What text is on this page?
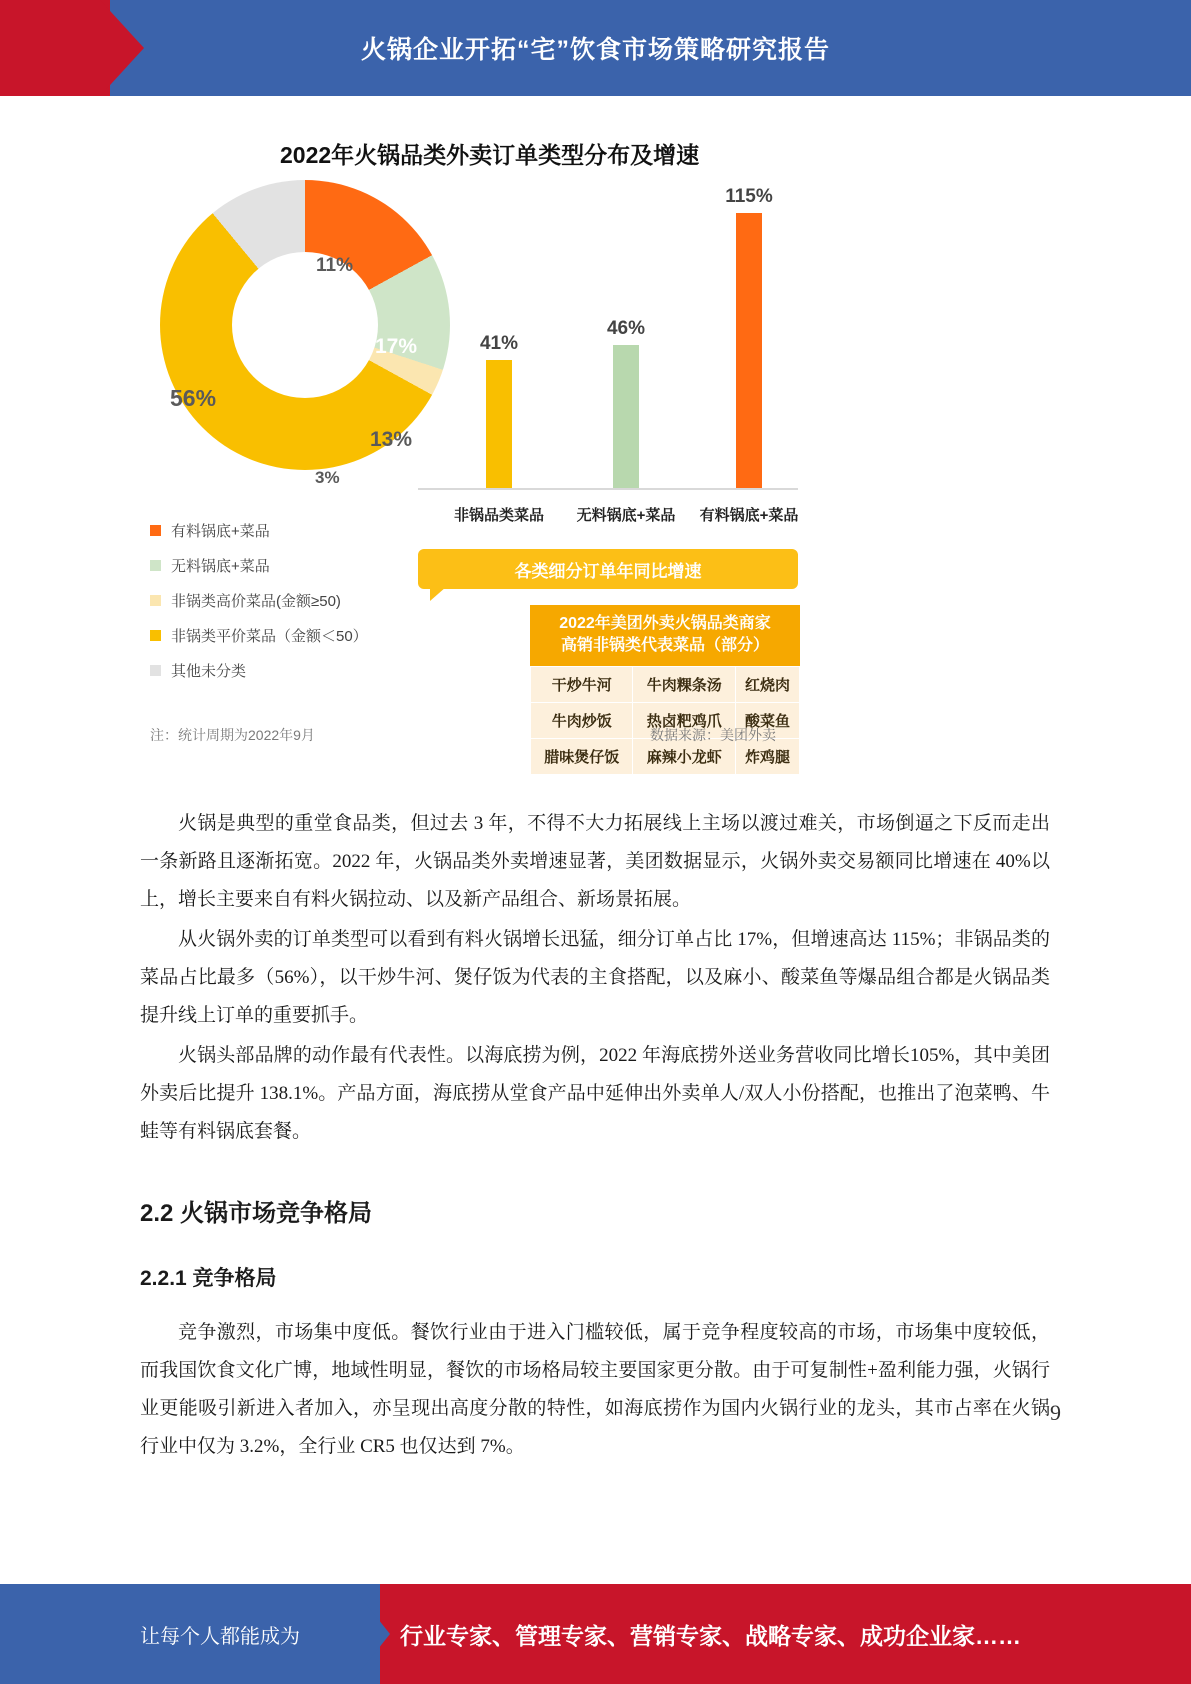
火锅企业开拓“宅”饮食市场策略研究报告
2022年火锅品类外卖订单类型分布及增速
11%
17%
13%
3%
56%
有料锅底+菜品
无料锅底+菜品
非锅类高价菜品(金额≥50)
非锅类平价菜品（金额＜50）
其他未分类
41%
非锅品类菜品
46%
无料锅底+菜品
115%
有料锅底+菜品
各类细分订单年同比增速
2022年美团外卖火锅品类商家
高销非锅类代表菜品（部分）
干炒牛河	牛肉粿条汤	红烧肉
牛肉炒饭	热卤粑鸡爪	酸菜鱼
腊味煲仔饭	麻辣小龙虾	炸鸡腿
注：统计周期为2022年9月	数据来源：美团外卖

火锅是典型的重堂食品类，但过去 3 年，不得不大力拓展线上主场以渡过难关，市场倒逼之下反而走出一条新路且逐渐拓宽。2022 年，火锅品类外卖增速显著，美团数据显示，火锅外卖交易额同比增速在 40%以上，增长主要来自有料火锅拉动、以及新产品组合、新场景拓展。

从火锅外卖的订单类型可以看到有料火锅增长迅猛，细分订单占比 17%，但增速高达 115%；非锅品类的菜品占比最多（56%），以干炒牛河、煲仔饭为代表的主食搭配，以及麻小、酸菜鱼等爆品组合都是火锅品类提升线上订单的重要抓手。

火锅头部品牌的动作最有代表性。以海底捞为例，2022 年海底捞外送业务营收同比增长105%，其中美团外卖后比提升 138.1%。产品方面，海底捞从堂食产品中延伸出外卖单人/双人小份搭配，也推出了泡菜鸭、牛蛙等有料锅底套餐。

2.2 火锅市场竞争格局
2.2.1 竞争格局

竞争激烈，市场集中度低。餐饮行业由于进入门槛较低，属于竞争程度较高的市场，市场集中度较低，而我国饮食文化广博，地域性明显，餐饮的市场格局较主要国家更分散。由于可复制性+盈利能力强，火锅行业更能吸引新进入者加入，亦呈现出高度分散的特性，如海底捞作为国内火锅行业的龙头，其市占率在火锅行业中仅为 3.2%，全行业 CR5 也仅达到 7%。

9
让每个人都能成为	行业专家、管理专家、营销专家、战略专家、成功企业家……
